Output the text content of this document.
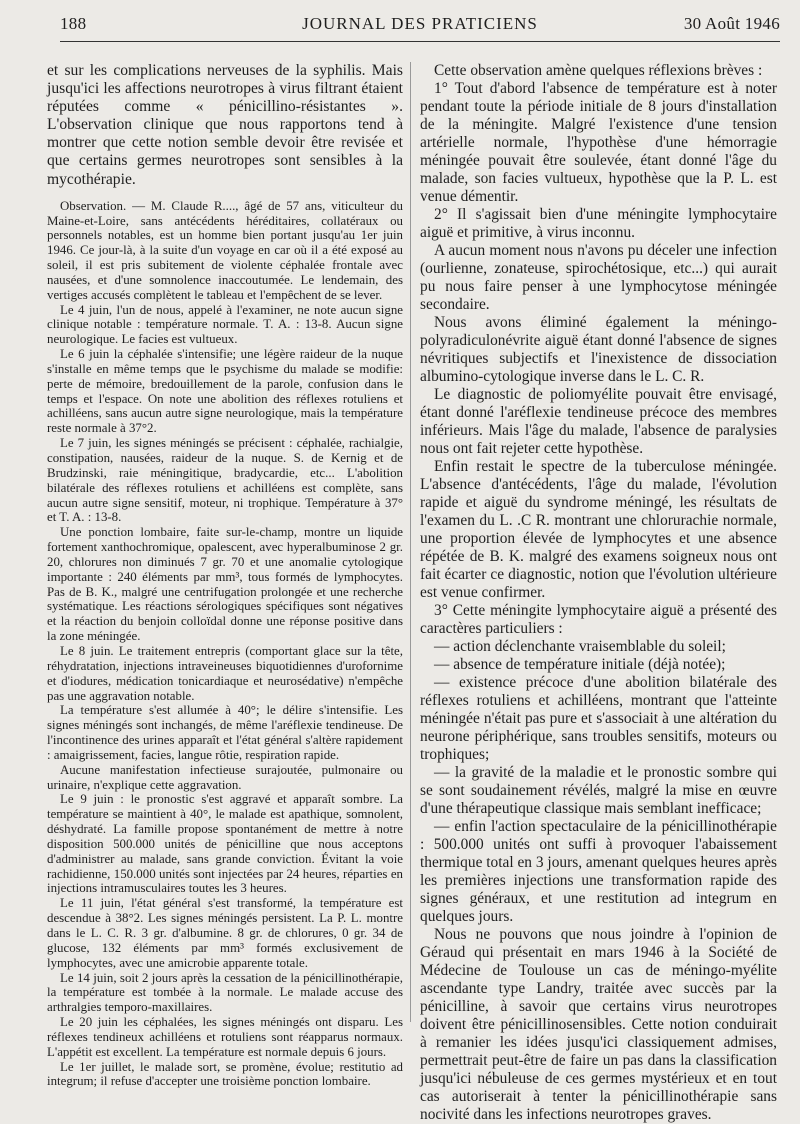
188	JOURNAL DES PRATICIENS	30 Août 1946

et sur les complications nerveuses de la syphilis. Mais jusqu'ici les affections neurotropes à virus filtrant étaient réputées comme « pénicillino-résistantes ». L'observation clinique que nous rapportons tend à montrer que cette notion semble devoir être revisée et que certains germes neurotropes sont sensibles à la mycothérapie.

Observation. — M. Claude R...., âgé de 57 ans, viticulteur du Maine-et-Loire, sans antécédents héréditaires, collatéraux ou personnels notables, est un homme bien portant jusqu'au 1er juin 1946. Ce jour-là, à la suite d'un voyage en car où il a été exposé au soleil, il est pris subitement de violente céphalée frontale avec nausées, et d'une somnolence inaccoutumée. Le lendemain, des vertiges accusés complètent le tableau et l'empêchent de se lever.

Le 4 juin, l'un de nous, appelé à l'examiner, ne note aucun signe clinique notable : température normale. T. A. : 13-8. Aucun signe neurologique. Le facies est vultueux.

Le 6 juin la céphalée s'intensifie; une légère raideur de la nuque s'installe en même temps que le psychisme du malade se modifie: perte de mémoire, bredouillement de la parole, confusion dans le temps et l'espace. On note une abolition des réflexes rotuliens et achilléens, sans aucun autre signe neurologique, mais la température reste normale à 37°2.

Le 7 juin, les signes méningés se précisent : céphalée, rachialgie, constipation, nausées, raideur de la nuque. S. de Kernig et de Brudzinski, raie méningitique, bradycardie, etc... L'abolition bilatérale des réflexes rotuliens et achilléens est complète, sans aucun autre signe sensitif, moteur, ni trophique. Température à 37° et T. A. : 13-8.

Une ponction lombaire, faite sur-le-champ, montre un liquide fortement xanthochromique, opalescent, avec hyperalbuminose 2 gr. 20, chlorures non diminués 7 gr. 70 et une anomalie cytologique importante : 240 éléments par mm³, tous formés de lymphocytes. Pas de B. K., malgré une centrifugation prolongée et une recherche systématique. Les réactions sérologiques spécifiques sont négatives et la réaction du benjoin colloïdal donne une réponse positive dans la zone méningée.

Le 8 juin. Le traitement entrepris (comportant glace sur la tête, réhydratation, injections intraveineuses biquotidiennes d'urofornime et d'iodures, médication tonicardiaque et neurosédative) n'empêche pas une aggravation notable.

La température s'est allumée à 40°; le délire s'intensifie. Les signes méningés sont inchangés, de même l'aréflexie tendineuse. De l'incontinence des urines apparaît et l'état général s'altère rapidement : amaigrissement, facies, langue rôtie, respiration rapide.

Aucune manifestation infectieuse surajoutée, pulmonaire ou urinaire, n'explique cette aggravation.

Le 9 juin : le pronostic s'est aggravé et apparaît sombre. La température se maintient à 40°, le malade est apathique, somnolent, déshydraté. La famille propose spontanément de mettre à notre disposition 500.000 unités de pénicilline que nous acceptons d'administrer au malade, sans grande conviction. Évitant la voie rachidienne, 150.000 unités sont injectées par 24 heures, réparties en injections intramusculaires toutes les 3 heures.

Le 11 juin, l'état général s'est transformé, la température est descendue à 38°2. Les signes méningés persistent. La P. L. montre dans le L. C. R. 3 gr. d'albumine. 8 gr. de chlorures, 0 gr. 34 de glucose, 132 éléments par mm³ formés exclusivement de lymphocytes, avec une amicrobie apparente totale.

Le 14 juin, soit 2 jours après la cessation de la pénicillinothérapie, la température est tombée à la normale. Le malade accuse des arthralgies temporo-maxillaires.

Le 20 juin les céphalées, les signes méningés ont disparu. Les réflexes tendineux achilléens et rotuliens sont réapparus normaux. L'appétit est excellent. La température est normale depuis 6 jours.

Le 1er juillet, le malade sort, se promène, évolue; restitutio ad integrum; il refuse d'accepter une troisième ponction lombaire.

Cette observation amène quelques réflexions brèves :

1° Tout d'abord l'absence de température est à noter pendant toute la période initiale de 8 jours d'installation de la méningite. Malgré l'existence d'une tension artérielle normale, l'hypothèse d'une hémorragie méningée pouvait être soulevée, étant donné l'âge du malade, son facies vultueux, hypothèse que la P. L. est venue démentir.

2° Il s'agissait bien d'une méningite lymphocytaire aiguë et primitive, à virus inconnu.

A aucun moment nous n'avons pu déceler une infection (ourlienne, zonateuse, spirochétosique, etc...) qui aurait pu nous faire penser à une lymphocytose méningée secondaire.

Nous avons éliminé également la méningo-polyradiculonévrite aiguë étant donné l'absence de signes névritiques subjectifs et l'inexistence de dissociation albumino-cytologique inverse dans le L. C. R.

Le diagnostic de poliomyélite pouvait être envisagé, étant donné l'aréflexie tendineuse précoce des membres inférieurs. Mais l'âge du malade, l'absence de paralysies nous ont fait rejeter cette hypothèse.

Enfin restait le spectre de la tuberculose méningée. L'absence d'antécédents, l'âge du malade, l'évolution rapide et aiguë du syndrome méningé, les résultats de l'examen du L. .C R. montrant une chlorurachie normale, une proportion élevée de lymphocytes et une absence répétée de B. K. malgré des examens soigneux nous ont fait écarter ce diagnostic, notion que l'évolution ultérieure est venue confirmer.

3° Cette méningite lymphocytaire aiguë a présenté des caractères particuliers :

— action déclenchante vraisemblable du soleil;

— absence de température initiale (déjà notée);

— existence précoce d'une abolition bilatérale des réflexes rotuliens et achilléens, montrant que l'atteinte méningée n'était pas pure et s'associait à une altération du neurone périphérique, sans troubles sensitifs, moteurs ou trophiques;

— la gravité de la maladie et le pronostic sombre qui se sont soudainement révélés, malgré la mise en œuvre d'une thérapeutique classique mais semblant inefficace;

— enfin l'action spectaculaire de la pénicillinothérapie : 500.000 unités ont suffi à provoquer l'abaissement thermique total en 3 jours, amenant quelques heures après les premières injections une transformation rapide des signes généraux, et une restitution ad integrum en quelques jours.

Nous ne pouvons que nous joindre à l'opinion de Géraud qui présentait en mars 1946 à la Société de Médecine de Toulouse un cas de méningo-myélite ascendante type Landry, traitée avec succès par la pénicilline, à savoir que certains virus neurotropes doivent être pénicillinosensibles. Cette notion conduirait à remanier les idées jusqu'ici classiquement admises, permettrait peut-être de faire un pas dans la classification jusqu'ici nébuleuse de ces germes mystérieux et en tout cas autoriserait à tenter la pénicillinothérapie sans nocivité dans les infections neurotropes graves.
